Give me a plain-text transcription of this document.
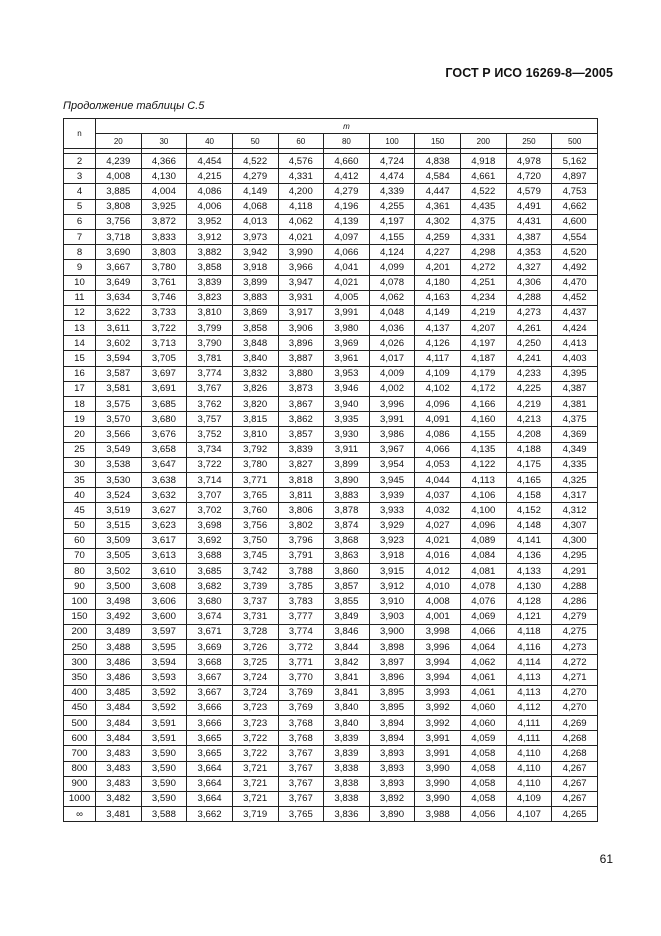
ГОСТ Р ИСО 16269-8—2005
Продолжение таблицы С.5
n	m										
	20	30	40	50	60	80	100	150	200	250	500

2	4,239	4,366	4,454	4,522	4,576	4,660	4,724	4,838	4,918	4,978	5,162
3	4,008	4,130	4,215	4,279	4,331	4,412	4,474	4,584	4,661	4,720	4,897
4	3,885	4,004	4,086	4,149	4,200	4,279	4,339	4,447	4,522	4,579	4,753
5	3,808	3,925	4,006	4,068	4,118	4,196	4,255	4,361	4,435	4,491	4,662
6	3,756	3,872	3,952	4,013	4,062	4,139	4,197	4,302	4,375	4,431	4,600
7	3,718	3,833	3,912	3,973	4,021	4,097	4,155	4,259	4,331	4,387	4,554
8	3,690	3,803	3,882	3,942	3,990	4,066	4,124	4,227	4,298	4,353	4,520
9	3,667	3,780	3,858	3,918	3,966	4,041	4,099	4,201	4,272	4,327	4,492
10	3,649	3,761	3,839	3,899	3,947	4,021	4,078	4,180	4,251	4,306	4,470
11	3,634	3,746	3,823	3,883	3,931	4,005	4,062	4,163	4,234	4,288	4,452
12	3,622	3,733	3,810	3,869	3,917	3,991	4,048	4,149	4,219	4,273	4,437
13	3,611	3,722	3,799	3,858	3,906	3,980	4,036	4,137	4,207	4,261	4,424
14	3,602	3,713	3,790	3,848	3,896	3,969	4,026	4,126	4,197	4,250	4,413
15	3,594	3,705	3,781	3,840	3,887	3,961	4,017	4,117	4,187	4,241	4,403
16	3,587	3,697	3,774	3,832	3,880	3,953	4,009	4,109	4,179	4,233	4,395
17	3,581	3,691	3,767	3,826	3,873	3,946	4,002	4,102	4,172	4,225	4,387
18	3,575	3,685	3,762	3,820	3,867	3,940	3,996	4,096	4,166	4,219	4,381
19	3,570	3,680	3,757	3,815	3,862	3,935	3,991	4,091	4,160	4,213	4,375
20	3,566	3,676	3,752	3,810	3,857	3,930	3,986	4,086	4,155	4,208	4,369
25	3,549	3,658	3,734	3,792	3,839	3,911	3,967	4,066	4,135	4,188	4,349
30	3,538	3,647	3,722	3,780	3,827	3,899	3,954	4,053	4,122	4,175	4,335
35	3,530	3,638	3,714	3,771	3,818	3,890	3,945	4,044	4,113	4,165	4,325
40	3,524	3,632	3,707	3,765	3,811	3,883	3,939	4,037	4,106	4,158	4,317
45	3,519	3,627	3,702	3,760	3,806	3,878	3,933	4,032	4,100	4,152	4,312
50	3,515	3,623	3,698	3,756	3,802	3,874	3,929	4,027	4,096	4,148	4,307
60	3,509	3,617	3,692	3,750	3,796	3,868	3,923	4,021	4,089	4,141	4,300
70	3,505	3,613	3,688	3,745	3,791	3,863	3,918	4,016	4,084	4,136	4,295
80	3,502	3,610	3,685	3,742	3,788	3,860	3,915	4,012	4,081	4,133	4,291
90	3,500	3,608	3,682	3,739	3,785	3,857	3,912	4,010	4,078	4,130	4,288
100	3,498	3,606	3,680	3,737	3,783	3,855	3,910	4,008	4,076	4,128	4,286
150	3,492	3,600	3,674	3,731	3,777	3,849	3,903	4,001	4,069	4,121	4,279
200	3,489	3,597	3,671	3,728	3,774	3,846	3,900	3,998	4,066	4,118	4,275
250	3,488	3,595	3,669	3,726	3,772	3,844	3,898	3,996	4,064	4,116	4,273
300	3,486	3,594	3,668	3,725	3,771	3,842	3,897	3,994	4,062	4,114	4,272
350	3,486	3,593	3,667	3,724	3,770	3,841	3,896	3,994	4,061	4,113	4,271
400	3,485	3,592	3,667	3,724	3,769	3,841	3,895	3,993	4,061	4,113	4,270
450	3,484	3,592	3,666	3,723	3,769	3,840	3,895	3,992	4,060	4,112	4,270
500	3,484	3,591	3,666	3,723	3,768	3,840	3,894	3,992	4,060	4,111	4,269
600	3,484	3,591	3,665	3,722	3,768	3,839	3,894	3,991	4,059	4,111	4,268
700	3,483	3,590	3,665	3,722	3,767	3,839	3,893	3,991	4,058	4,110	4,268
800	3,483	3,590	3,664	3,721	3,767	3,838	3,893	3,990	4,058	4,110	4,267
900	3,483	3,590	3,664	3,721	3,767	3,838	3,893	3,990	4,058	4,110	4,267
1000	3,482	3,590	3,664	3,721	3,767	3,838	3,892	3,990	4,058	4,109	4,267
∞	3,481	3,588	3,662	3,719	3,765	3,836	3,890	3,988	4,056	4,107	4,265
61
